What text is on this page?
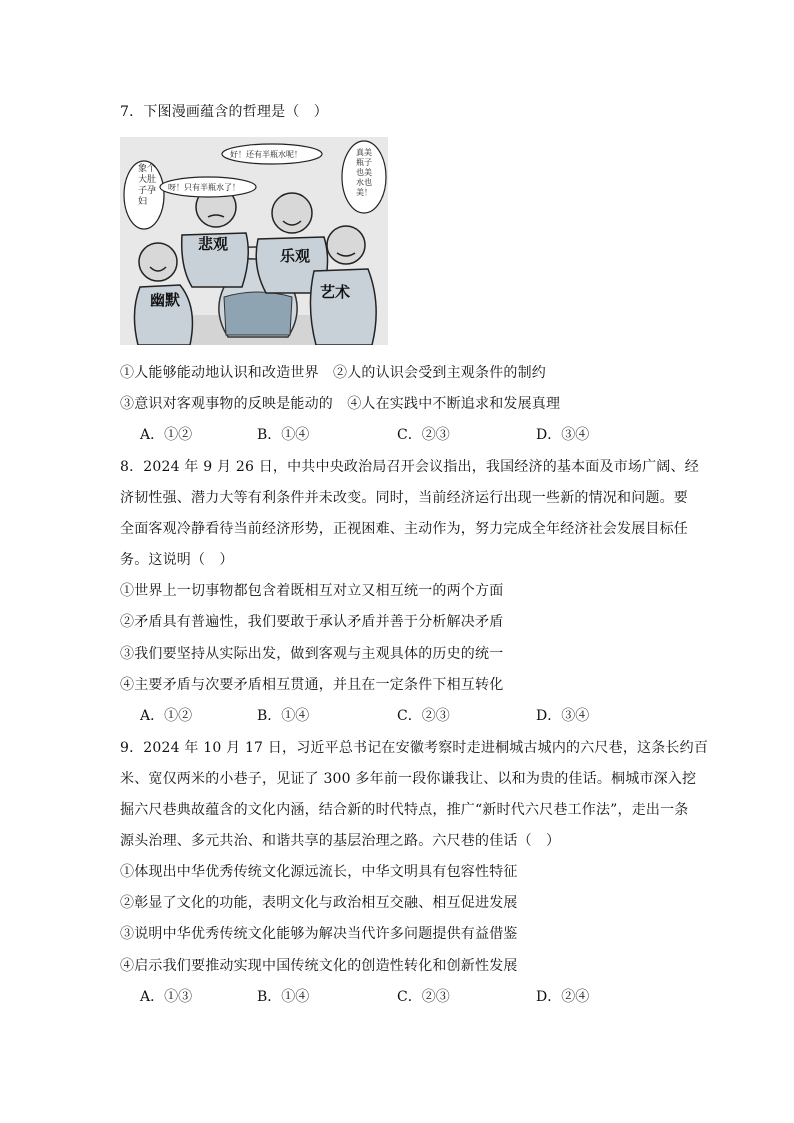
7．下图漫画蕴含的哲理是（　）
象个大肚子孕妇
呀！只有半瓶水了！
好！还有半瓶水呢！	真美瓶子也美水也美！
悲观
乐观
幽默	艺术
①人能够能动地认识和改造世界　②人的认识会受到主观条件的制约
③意识对客观事物的反映是能动的　④人在实践中不断追求和发展真理
A．①②	B．①④	C．②③	D．③④
8．2024 年 9 月 26 日，中共中央政治局召开会议指出，我国经济的基本面及市场广阔、经
济韧性强、潜力大等有利条件并未改变。同时，当前经济运行出现一些新的情况和问题。要
全面客观冷静看待当前经济形势，正视困难、主动作为，努力完成全年经济社会发展目标任
务。这说明（　）
①世界上一切事物都包含着既相互对立又相互统一的两个方面
②矛盾具有普遍性，我们要敢于承认矛盾并善于分析解决矛盾
③我们要坚持从实际出发，做到客观与主观具体的历史的统一
④主要矛盾与次要矛盾相互贯通，并且在一定条件下相互转化
A．①②	B．①④	C．②③	D．③④
9．2024 年 10 月 17 日，习近平总书记在安徽考察时走进桐城古城内的六尺巷，这条长约百
米、宽仅两米的小巷子，见证了 300 多年前一段你谦我让、以和为贵的佳话。桐城市深入挖
掘六尺巷典故蕴含的文化内涵，结合新的时代特点，推广“新时代六尺巷工作法”，走出一条
源头治理、多元共治、和谐共享的基层治理之路。六尺巷的佳话（　）
①体现出中华优秀传统文化源远流长，中华文明具有包容性特征
②彰显了文化的功能，表明文化与政治相互交融、相互促进发展
③说明中华优秀传统文化能够为解决当代许多问题提供有益借鉴
④启示我们要推动实现中国传统文化的创造性转化和创新性发展
A．①③	B．①④	C．②③	D．②④
